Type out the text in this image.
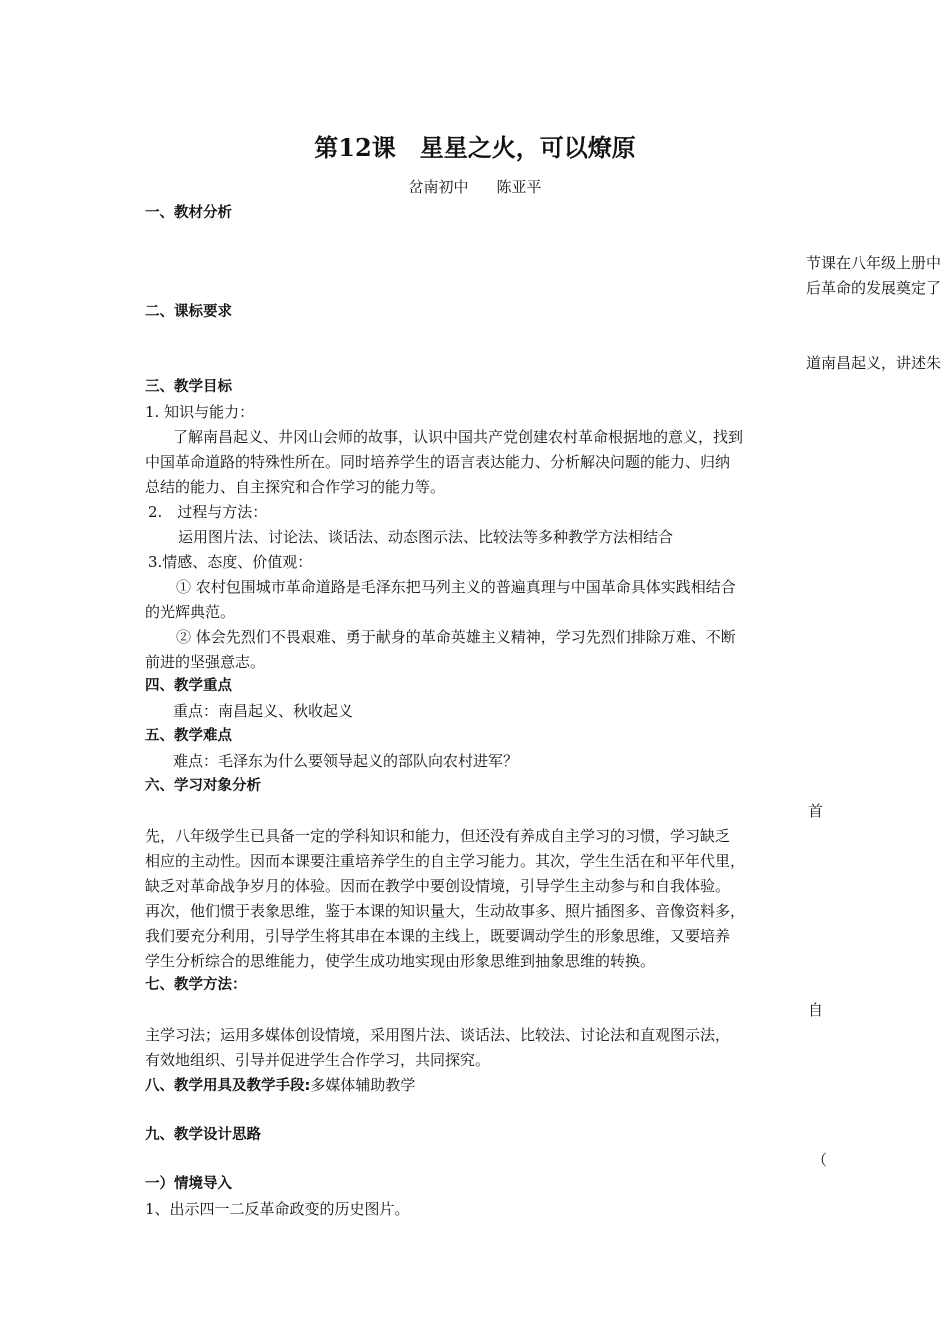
第12课　星星之火，可以燎原
岔南初中 陈亚平
一、教材分析
节课在八年级上册中
后革命的发展奠定了
二、课标要求
道南昌起义，讲述朱
三、教学目标
1. 知识与能力：
了解南昌起义、井冈山会师的故事，认识中国共产党创建农村革命根据地的意义，找到
中国革命道路的特殊性所在。同时培养学生的语言表达能力、分析解决问题的能力、归纳
总结的能力、自主探究和合作学习的能力等。
2.　过程与方法：
运用图片法、讨论法、谈话法、动态图示法、比较法等多种教学方法相结合
3.情感、态度、价值观：
① 农村包围城市革命道路是毛泽东把马列主义的普遍真理与中国革命具体实践相结合
的光辉典范。
② 体会先烈们不畏艰难、勇于献身的革命英雄主义精神，学习先烈们排除万难、不断
前进的坚强意志。
四、教学重点
重点：南昌起义、秋收起义
五、教学难点
难点：毛泽东为什么要领导起义的部队向农村进军？
六、学习对象分析
首
先，八年级学生已具备一定的学科知识和能力，但还没有养成自主学习的习惯，学习缺乏
相应的主动性。因而本课要注重培养学生的自主学习能力。其次，学生生活在和平年代里，
缺乏对革命战争岁月的体验。因而在教学中要创设情境，引导学生主动参与和自我体验。
再次，他们惯于表象思维，鉴于本课的知识量大，生动故事多、照片插图多、音像资料多，
我们要充分利用，引导学生将其串在本课的主线上，既要调动学生的形象思维，又要培养
学生分析综合的思维能力，使学生成功地实现由形象思维到抽象思维的转换。
七、教学方法：
自
主学习法；运用多媒体创设情境，采用图片法、谈话法、比较法、讨论法和直观图示法，
有效地组织、引导并促进学生合作学习，共同探究。
八、教学用具及教学手段:多媒体辅助教学
九、教学设计思路
（
一）情境导入
1、出示四一二反革命政变的历史图片。
